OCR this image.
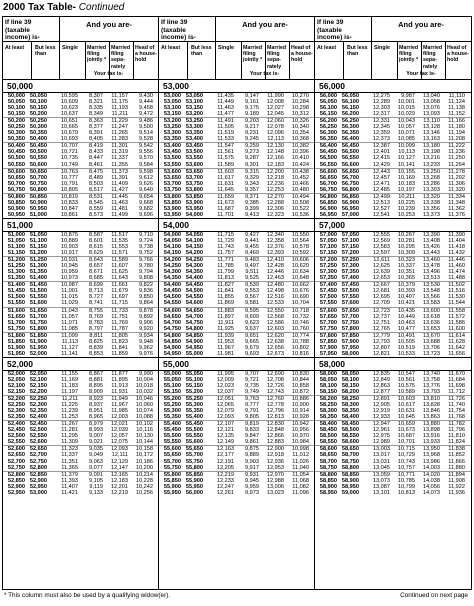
2000 Tax Table- Continued
If line 39 (taxable income) is-
And you are-
At least	But less than
Single	Married filing jointly *
Married filing sepa-rately
Head of a house-hold
Your tax is-
50,000
50,000 50,050	10,595	8,307	11,157	9,430
50,050 50,100	10,609	8,321	11,175	9,444
50,100 50,150	10,623	8,335	11,193	9,458
50,150 50,200	10,637	8,349	11,211	9,472
50,200 50,250	10,651	8,363	11,229	9,486
50,250 50,300	10,665	8,377	11,247	9,500
50,300 50,350	10,679	8,391	11,265	9,514
50,350 50,400	10,693	8,405	11,283	9,528
50,400 50,450	10,707	8,419	11,301	9,542
50,450 50,500	10,721	8,433	11,319	9,556
50,500 50,550	10,735	8,447	11,337	9,570
50,550 50,600	10,749	8,461	11,355	9,584
50,600 50,650	10,763	8,475	11,373	9,598
50,650 50,700	10,777	8,489	11,391	9,612
50,700 50,750	10,791	8,503	11,409	9,626
50,750 50,800	10,805	8,517	11,427	9,640
50,800 50,850	10,819	8,531	11,445	9,654
50,850 50,900	10,833	8,545	11,463	9,668
50,900 50,950	10,847	8,559	11,481	9,682
50,950 51,000	10,861	8,573	11,499	9,696
51,000
51,000 51,050	10,875	8,587	11,517	9,710
51,050 51,100	10,889	8,601	11,535	9,724
51,100 51,150	10,903	8,615	11,553	9,738
51,150 51,200	10,917	8,629	11,571	9,752
51,200 51,250	10,931	8,643	11,589	9,766
51,250 51,300	10,945	8,657	11,607	9,780
51,300 51,350	10,959	8,671	11,625	9,794
51,350 51,400	10,973	8,685	11,643	9,808
51,400 51,450	10,987	8,699	11,661	9,822
51,450 51,500	11,001	8,713	11,679	9,836
51,500 51,550	11,015	8,727	11,697	9,850
51,550 51,600	11,029	8,741	11,715	9,864
51,600 51,650	11,043	8,755	11,733	9,878
51,650 51,700	11,057	8,769	11,751	9,892
51,700 51,750	11,071	8,783	11,769	9,906
51,750 51,800	11,085	8,797	11,787	9,920
51,800 51,850	11,099	8,811	11,805	9,934
51,850 51,900	11,113	8,825	11,823	9,948
51,900 51,950	11,127	8,839	11,841	9,962
51,950 52,000	11,141	8,853	11,859	9,976
52,000
52,000 52,050	11,155	8,867	11,877	9,990
52,050 52,100	11,169	8,881	11,895	10,004
52,100 52,150	11,183	8,895	11,913	10,018
52,150 52,200	11,197	8,909	11,931	10,032
52,200 52,250	11,211	8,923	11,949	10,046
52,250 52,300	11,225	8,937	11,967	10,060
52,300 52,350	11,239	8,951	11,985	10,074
52,350 52,400	11,253	8,965	12,003	10,088
52,400 52,450	11,267	8,979	12,021	10,102
52,450 52,500	11,281	8,993	12,039	10,116
52,500 52,550	11,295	9,007	12,057	10,130
52,550 52,600	11,309	9,021	12,075	10,144
52,600 52,650	11,323	9,035	12,093	10,158
52,650 52,700	11,337	9,049	12,111	10,172
52,700 52,750	11,351	9,063	12,129	10,186
52,750 52,800	11,365	9,077	12,147	10,200
52,800 52,850	11,379	9,091	12,165	10,214
52,850 52,900	11,393	9,105	12,183	10,228
52,900 52,950	11,407	9,119	12,201	10,242
52,950 53,000	11,421	9,133	12,219	10,256
If line 39 (taxable income) is-
And you are-
At least	But less than
Single	Married filing jointly *
Married filing sepa-rately
Head of a house-hold
Your tax is-
53,000
53,000 53,050	11,435	9,147	11,990	10,270
53,050 53,100	11,449	9,161	12,008	10,284
53,100 53,150	11,463	9,175	12,027	10,298
53,150 53,200	11,477	9,189	12,045	10,312
53,200 53,250	11,491	9,203	12,060	10,326
53,250 53,300	11,505	9,217	12,078	10,340
53,300 53,350	11,519	9,231	12,096	10,354
53,350 53,400	11,533	9,245	12,113	10,368
53,400 53,450	11,547	9,259	12,130	10,382
53,450 53,500	11,561	9,273	12,148	10,396
53,500 53,550	11,575	9,287	12,166	10,410
53,550 53,600	11,589	9,301	12,183	10,424
53,600 53,650	11,603	9,315	12,200	10,438
53,650 53,700	11,617	9,329	12,218	10,452
53,700 53,750	11,631	9,343	12,236	10,466
53,750 53,800	11,645	9,357	12,253	10,480
53,800 53,850	11,659	9,371	12,270	10,494
53,850 53,900	11,673	9,385	12,288	10,508
53,900 53,950	11,687	9,399	12,306	10,522
53,950 54,000	11,701	9,413	12,323	10,536
54,000
54,000 54,050	11,715	9,427	12,340	10,550
54,050 54,100	11,729	9,441	12,358	10,564
54,100 54,150	11,743	9,455	12,376	10,578
54,150 54,200	11,757	9,469	12,393	10,592
54,200 54,250	11,771	9,483	12,410	10,606
54,250 54,300	11,785	9,497	12,428	10,620
54,300 54,350	11,799	9,511	12,446	10,634
54,350 54,400	11,813	9,525	12,463	10,648
54,400 54,450	11,827	9,539	12,480	10,662
54,450 54,500	11,841	9,553	12,498	10,676
54,500 54,550	11,855	9,567	12,516	10,690
54,550 54,600	11,869	9,581	12,533	10,704
54,600 54,650	11,883	9,595	12,550	10,718
54,650 54,700	11,897	9,609	12,568	10,732
54,700 54,750	11,911	9,623	12,586	10,746
54,750 54,800	11,925	9,637	12,603	10,760
54,800 54,850	11,939	9,651	12,620	10,774
54,850 54,900	11,953	9,665	12,638	10,788
54,900 54,950	11,967	9,679	12,656	10,802
54,950 55,000	11,981	9,693	12,673	10,816
55,000
55,000 55,050	11,995	9,707	12,690	10,830
55,050 55,100	12,009	9,721	12,708	10,844
55,100 55,150	12,023	9,735	12,726	10,858
55,150 55,200	12,037	9,749	12,743	10,872
55,200 55,250	12,051	9,763	12,760	10,886
55,250 55,300	12,065	9,777	12,778	10,900
55,300 55,350	12,079	9,791	12,796	10,914
55,350 55,400	12,093	9,805	12,813	10,928
55,400 55,450	12,107	9,819	12,830	10,942
55,450 55,500	12,121	9,833	12,848	10,956
55,500 55,550	12,135	9,847	12,866	10,970
55,550 55,600	12,149	9,861	12,883	10,984
55,600 55,650	12,163	9,875	12,900	10,998
55,650 55,700	12,177	9,889	12,918	11,012
55,700 55,750	12,191	9,903	12,936	11,026
55,750 55,800	12,205	9,917	12,953	11,040
55,800 55,850	12,219	9,931	12,970	11,054
55,850 55,900	12,233	9,945	12,988	11,068
55,900 55,950	12,247	9,959	13,006	11,082
55,950 56,000	12,261	9,973	13,023	11,096
If line 39 (taxable income) is-
And you are-
At least	But less than
Single	Married filing jointly *
Married filing sepa-rately
Head of a house-hold
Your tax is-
56,000
56,000 56,050	12,275	9,987	13,040	11,110
56,050 56,100	12,289	10,001	13,058	11,124
56,100 56,150	12,303	10,015	13,076	11,138
56,150 56,200	12,317	10,029	13,093	11,152
56,200 56,250	12,331	10,043	13,110	11,166
56,250 56,300	12,345	10,057	13,128	11,180
56,300 56,350	12,359	10,071	13,146	11,194
56,350 56,400	12,373	10,085	13,163	11,208
56,400 56,450	12,387	10,099	13,180	11,222
56,450 56,500	12,401	10,113	13,198	11,236
56,500 56,550	12,415	10,127	13,216	11,250
56,550 56,600	12,429	10,141	13,233	11,264
56,600 56,650	12,443	10,155	13,250	11,278
56,650 56,700	12,457	10,169	13,268	11,292
56,700 56,750	12,471	10,183	13,286	11,306
56,750 56,800	12,485	10,197	13,303	11,320
56,800 56,850	12,499	10,211	13,320	11,334
56,850 56,900	12,513	10,225	13,338	11,348
56,900 56,950	12,527	10,239	13,356	11,362
56,950 57,000	12,541	10,253	13,373	11,376
57,000
57,000 57,050	12,555	10,267	13,390	11,390
57,050 57,100	12,569	10,281	13,408	11,404
57,100 57,150	12,583	10,295	13,426	11,418
57,150 57,200	12,597	10,309	13,443	11,432
57,200 57,250	12,611	10,323	13,460	11,446
57,250 57,300	12,625	10,337	13,478	11,460
57,300 57,350	12,639	10,351	13,496	11,474
57,350 57,400	12,653	10,365	13,513	11,488
57,400 57,450	12,667	10,379	13,530	11,502
57,450 57,500	12,681	10,393	13,548	11,516
57,500 57,550	12,695	10,407	13,566	11,530
57,550 57,600	12,709	10,421	13,583	11,544
57,600 57,650	12,723	10,435	13,600	11,558
57,650 57,700	12,737	10,449	13,618	11,572
57,700 57,750	12,751	10,463	13,636	11,586
57,750 57,800	12,765	10,477	13,653	11,600
57,800 57,850	12,779	10,491	13,670	11,614
57,850 57,900	12,793	10,505	13,688	11,628
57,900 57,950	12,807	10,519	13,706	11,642
57,950 58,000	12,821	10,533	13,723	11,656
58,000
58,000 58,050	12,835	10,547	13,740	11,670
58,050 58,100	12,849	10,561	13,758	11,684
58,100 58,150	12,863	10,575	13,776	11,698
58,150 58,200	12,877	10,589	13,793	11,712
58,200 58,250	12,891	10,603	13,810	11,726
58,250 58,300	12,905	10,617	13,828	11,740
58,300 58,350	12,919	10,631	13,846	11,754
58,350 58,400	12,933	10,645	13,863	11,768
58,400 58,450	12,947	10,659	13,880	11,782
58,450 58,500	12,961	10,673	13,898	11,796
58,500 58,550	12,975	10,687	13,916	11,810
58,550 58,600	12,989	10,701	13,933	11,824
58,600 58,650	13,003	10,715	13,950	11,838
58,650 58,700	13,017	10,729	13,968	11,852
58,700 58,750	13,031	10,743	13,986	11,866
58,750 58,800	13,045	10,757	14,003	11,880
58,800 58,850	13,059	10,771	14,020	11,894
58,850 58,900	13,073	10,785	14,038	11,908
58,900 58,950	13,087	10,799	14,056	11,922
58,950 59,000	13,101	10,813	14,073	11,936
* This column must also be used by a qualifying widow(er).	Continued on next page
